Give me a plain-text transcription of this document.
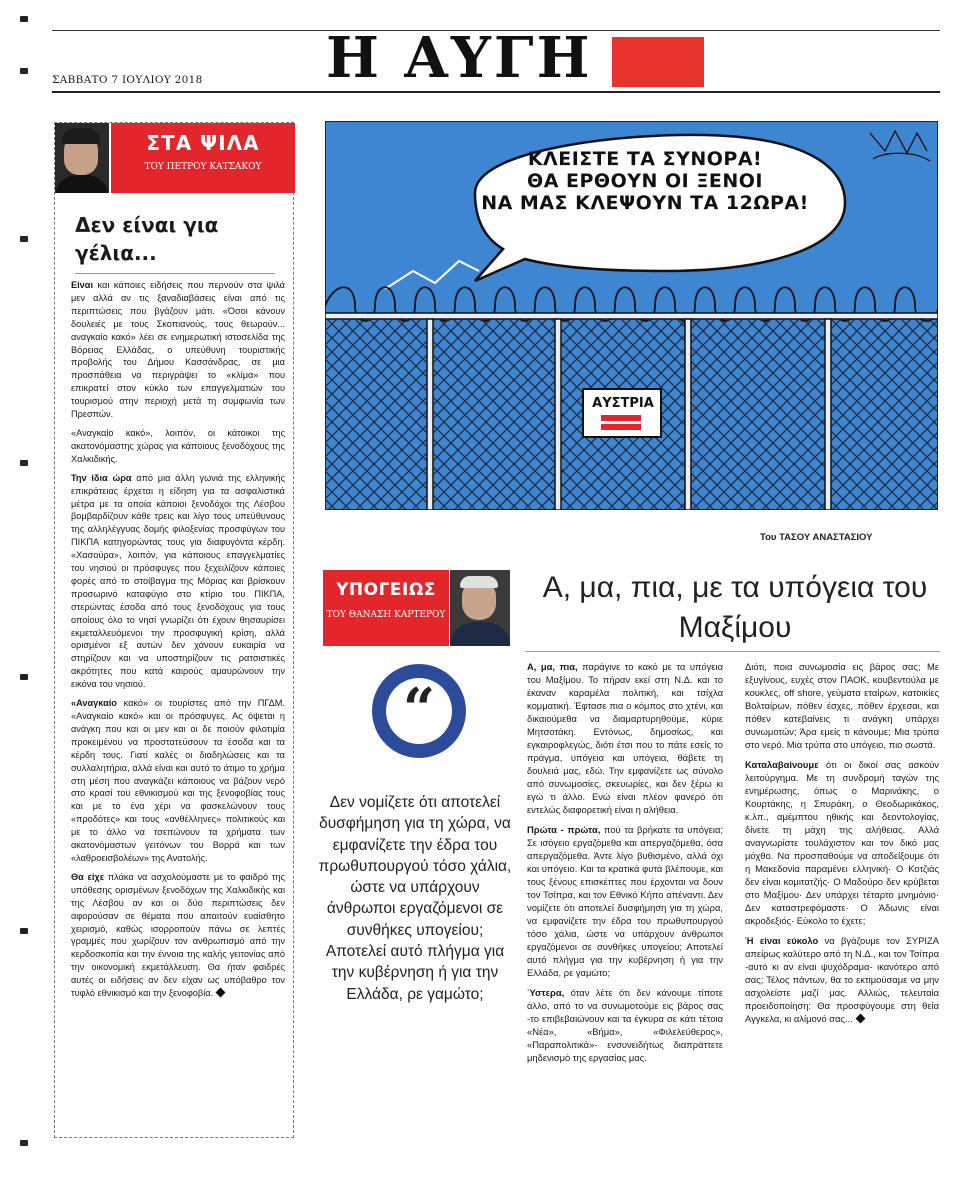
Η ΑΥΓΗ
ΣΑΒΒΑΤΟ 7 ΙΟΥΛΙΟΥ 2018
ΣΤΑ ΨΙΛΑ
ΤΟΥ ΠΕΤΡΟΥ ΚΑΤΣΑΚΟΥ
Δεν είναι για γέλια...

Είναι και κάποιες ειδήσεις που περνούν στα ψιλά μεν αλλά αν τις ξαναδιαβάσεις είναι από τις περιπτώσεις που βγάζουν μάτι. «Όσοι κάνουν δουλειές με τους Σκοπιανούς, τους θεωρούν... αναγκαίο κακό» λέει σε ενημερωτική ιστοσελίδα της Βόρειας Ελλάδας, ο υπεύθυνη τουριστικής προβολής του Δήμου Κασσάνδρας, σε μια προσπάθεια να περιγράψει το «κλίμα» που επικρατεί στον κύκλο των επαγγελματιών του τουρισμού στην περιοχή μετά τη συμφωνία των Πρεσπών.

«Αναγκαίο κακό», λοιπόν, οι κάτοικοι της ακατονόμαστης χώρας για κάποιους ξενοδόχους της Χαλκιδικής.

Την ίδια ώρα από μια άλλη γωνιά της ελληνικής επικράτειας έρχεται η είδηση για τα ασφαλιστικά μέτρα με τα οποία κάποιοι ξενοδόχοι της Λέσβου βομβαρδίζουν κάθε τρεις και λίγο τους υπεύθυνους της αλληλέγγυας δομής φιλοξενίας προσφύγων του ΠΙΚΠΑ κατηγορώντας τους για διαφυγόντα κέρδη. «Χασούρα», λοιπόν, για κάποιους επαγγελματίες του νησιού οι πρόσφυγες που ξεχειλίζουν κάποιες φορές από το στοίβαγμα της Μόριας και βρίσκουν προσωρινό καταφύγιο στο κτίριο του ΠΙΚΠΑ, στερώντας έσοδα από τους ξενοδόχους για τους οποίους όλο το νησί γνωρίζει ότι έχουν θησαυρίσει εκμεταλλευόμενοι την προσφυγική κρίση, αλλά ορισμένοι εξ αυτών δεν χάνουν ευκαιρία να στηρίζουν και να υποστηρίζουν τις ρατσιστικές ακρότητες που κατά καιρούς αμαυρώνουν την εικόνα του νησιού.

«Αναγκαίο κακό» οι τουρίστες από την ΠΓΔΜ. «Αναγκαίο κακό» και οι πρόσφυγες. Ας όψεται η ανάγκη που και οι μεν και οι δε ποιούν φιλοτιμία προκειμένου να προστατεύσουν τα έσοδα και τα κέρδη τους. Γιατί καλές οι διαδηλώσεις και τα συλλαλητήρια, αλλά είναι και αυτό το άτιμο το χρήμα στη μέση που αναγκάζει κάποιους να βάζουν νερό στο κρασί του εθνικισμού και της ξενοφοβίας τους και με το ένα χέρι να φασκελώνουν τους «προδότες» και τους «ανθέλληνες» πολιτικούς και με το άλλο να τσεπώνουν τα χρήματα των ακατονόμαστων γειτόνων του Βορρά και των «λαθροεισβολέων» της Ανατολής.

Θα είχε πλάκα να ασχολούμαστε με το φαιδρό της υπόθεσης ορισμένων ξενοδόχων της Χαλκιδικής και της Λέσβου αν και οι δύο περιπτώσεις δεν αφορούσαν σε θέματα που απαιτούν ευαίσθητο χειρισμό, καθώς ισορροπούν πάνω σε λεπτές γραμμές που χωρίζουν τον ανθρωπισμό από την κερδοσκοπία και την έννοια της καλής γειτονίας από την οικονομική εκμετάλλευση. Θα ήταν φαιδρές αυτές οι ειδήσεις αν δεν είχαν ως υπόβαθρο τον τυφλό εθνικισμό και την ξενοφοβία.

ΚΛΕΙΣΤΕ ΤΑ ΣΥΝΟΡΑ!
ΘΑ ΕΡΘΟΥΝ ΟΙ ΞΕΝΟΙ
ΝΑ ΜΑΣ ΚΛΕΨΟΥΝ ΤΑ 12ΩΡΑ!
ΑΥΣΤΡΙΑ
Του ΤΑΣΟΥ ΑΝΑΣΤΑΣΙΟΥ
ΥΠΟΓΕΙΩΣ
ΤΟΥ ΘΑΝΑΣΗ ΚΑΡΤΕΡΟΥ
Α, μα, πια, με τα υπόγεια του Μαξίμου
“
Δεν νομίζετε ότι αποτελεί δυσφήμηση για τη χώρα, να εμφανίζετε την έδρα του πρωθυπουργού τόσο χάλια, ώστε να υπάρχουν άνθρωποι εργαζόμενοι σε συνθήκες υπογείου; Αποτελεί αυτό πλήγμα για την κυβέρνηση ή για την Ελλάδα, ρε γαμώτο;

Α, μα, πια, παράγινε το κακό με τα υπόγεια του Μαξίμου. Το πήραν εκεί στη Ν.Δ. και το έκαναν καραμέλα πολιτική, και τσίχλα κομματική. Έφτασε πια ο κόμπος στο χτένι, και δικαιούμεθα να διαμαρτυρηθούμε, κύριε Μητσοτάκη. Εντόνως, δημοσίως, και εγκαιροφλεγώς, διότι έτσι που το πάτε εσείς το πράγμα, υπόγεια και υπόγεια, θάβετε τη δουλειά μας, εδώ. Την εμφανίζετε ως σύνολο από συνωμοσίες, σκευωρίες, και δεν ξέρω κι εγώ τι άλλο. Ενώ είναι πλέον φανερό ότι εντελώς διαφορετική είναι η αλήθεια.

Πρώτα - πρώτα, πού τα βρήκατε τα υπόγεια; Σε ισόγειο εργαζόμεθα και απεργαζόμεθα, όσα απεργαζόμεθα. Άντε λίγο βυθισμένο, αλλά όχι και υπόγειο. Και τα κρατικά φυτά βλέπουμε, και τους ξένους επισκέπτες που έρχονται να δουν τον Τσίπρα, και τον Εθνικό Κήπο απέναντι. Δεν νομίζετε ότι αποτελεί δυσφήμηση για τη χώρα, να εμφανίζετε την έδρα του πρωθυπουργού τόσο χάλια, ώστε να υπάρχουν άνθρωποι εργαζόμενοι σε συνθήκες υπογείου; Αποτελεί αυτό πλήγμα για την κυβέρνηση ή για την Ελλάδα, ρε γαμώτο;

Ύστερα, όταν λέτε ότι δεν κάνουμε τίποτε άλλο, από το να συνωμοτούμε εις βάρος σας -το επιβεβαιώνουν και τα έγκυρα σε κάτι τέτοια «Νέα», «Βήμα», «Φιλελεύθερος», «Παραπολιτικά»- ενσυνειδήτως διαπράττετε μηδενισμό της εργασίας μας.

Διότι, ποια συνωμοσία εις βάρος σας; Με εξυγίνους, ευχές στον ΠΑΟΚ, κουβεντούλα με κουκλες, off shore, γεύματα εταίρων, κατοικίες Βολταίρων, πόθεν έσχες, πόθεν έρχεσαι, και πόθεν κατεβαίνεις τι ανάγκη υπάρχει συνωμοτών; Άρα εμείς τι κάνουμε; Μια τρύπα στο νερό. Μια τρύπα στο υπόγειο, πιο σωστά.

Καταλαβαίνουμε ότι οι δικοί σας ασκούν λειτούργημα. Με τη συνδρομή ταγών της ενημέρωσης, όπως ο Μαρινάκης, ο Κουρτάκης, η Σπυράκη, ο Θεοδωρικάκος, κ.λπ., αμέμπτου ηθικής και δεοντολογίας, δίνετε τη μάχη της αλήθειας. Αλλά αναγνωρίστε τουλάχιστον και τον δικό μας μόχθο. Να προσπαθούμε να αποδείξουμε ότι η Μακεδονία παραμένει ελληνική· Ο Κοτζιάς δεν είναι κομιτατζής· Ο Μαδούρο δεν κρύβεται στο Μαξίμου· Δεν υπάρχει τέταρτο μνημόνιο· Δεν καταστρεφόμαστε· Ο Άδωνις είναι ακροδεξιός· Εύκολο το έχετε;

Ή είναι εύκολο να βγάζουμε τον ΣΥΡΙΖΑ απείρως καλύτερο από τη Ν.Δ., και τον Τσίπρα -αυτό κι αν είναι ψυχόδραμα- ικανότερο από σας; Τέλος πάντων, θα το εκτιμούσαμε να μην ασχολείστε μαζί μας. Αλλιώς, τελευταία προειδοποίηση: Θα προσφύγουμε στη θεία Αγγκελα, κι αλίμονό σας...
